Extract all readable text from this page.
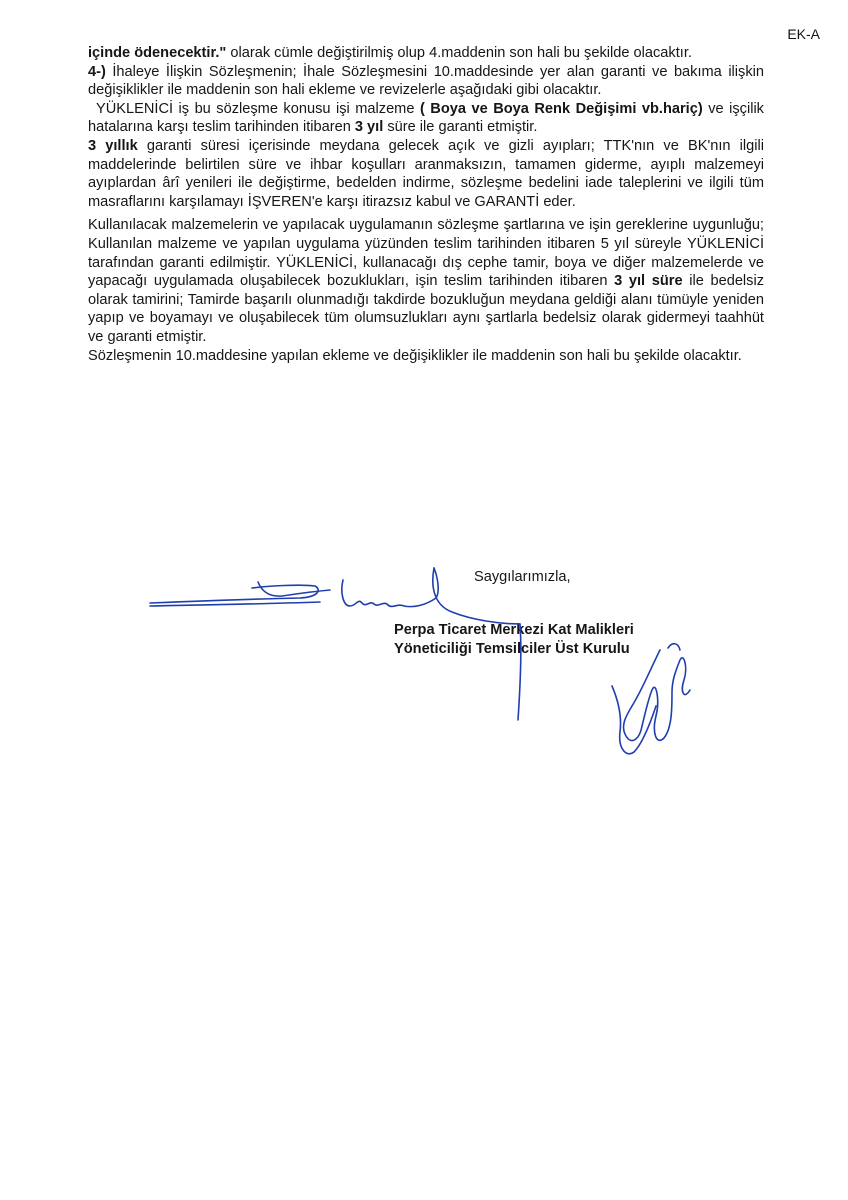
EK-A

içinde ödenecektir." olarak cümle değiştirilmiş olup 4.maddenin son hali bu şekilde olacaktır.

4-) İhaleye İlişkin Sözleşmenin; İhale Sözleşmesini 10.maddesinde yer alan garanti ve bakıma ilişkin değişiklikler ile maddenin son hali ekleme ve revizelerle aşağıdaki gibi olacaktır.

YÜKLENİCİ iş bu sözleşme konusu işi malzeme ( Boya ve Boya Renk Değişimi vb.hariç) ve işçilik hatalarına karşı teslim tarihinden itibaren 3 yıl süre ile garanti etmiştir.

3 yıllık garanti süresi içerisinde meydana gelecek açık ve gizli ayıpları; TTK'nın ve BK'nın ilgili maddelerinde belirtilen süre ve ihbar koşulları aranmaksızın, tamamen giderme, ayıplı malzemeyi ayıplardan ârî yenileri ile değiştirme, bedelden indirme, sözleşme bedelini iade taleplerini ve ilgili tüm masraflarını karşılamayı İŞVEREN'e karşı itirazsız kabul ve GARANTİ eder.

Kullanılacak malzemelerin ve yapılacak uygulamanın sözleşme şartlarına ve işin gereklerine uygunluğu; Kullanılan malzeme ve yapılan uygulama yüzünden teslim tarihinden itibaren 5 yıl süreyle YÜKLENİCİ tarafından garanti edilmiştir. YÜKLENİCİ, kullanacağı dış cephe tamir, boya ve diğer malzemelerde ve yapacağı uygulamada oluşabilecek bozuklukları, işin teslim tarihinden itibaren 3 yıl süre ile bedelsiz olarak tamirini; Tamirde başarılı olunmadığı takdirde bozukluğun meydana geldiği alanı tümüyle yeniden yapıp ve boyamayı ve oluşabilecek tüm olumsuzlukları aynı şartlarla bedelsiz olarak gidermeyi taahhüt ve garanti etmiştir.

Sözleşmenin 10.maddesine yapılan ekleme ve değişiklikler ile maddenin son hali bu şekilde olacaktır.

Saygılarımızla,
Perpa Ticaret Merkezi Kat Malikleri
Yöneticiliği Temsilciler Üst Kurulu
